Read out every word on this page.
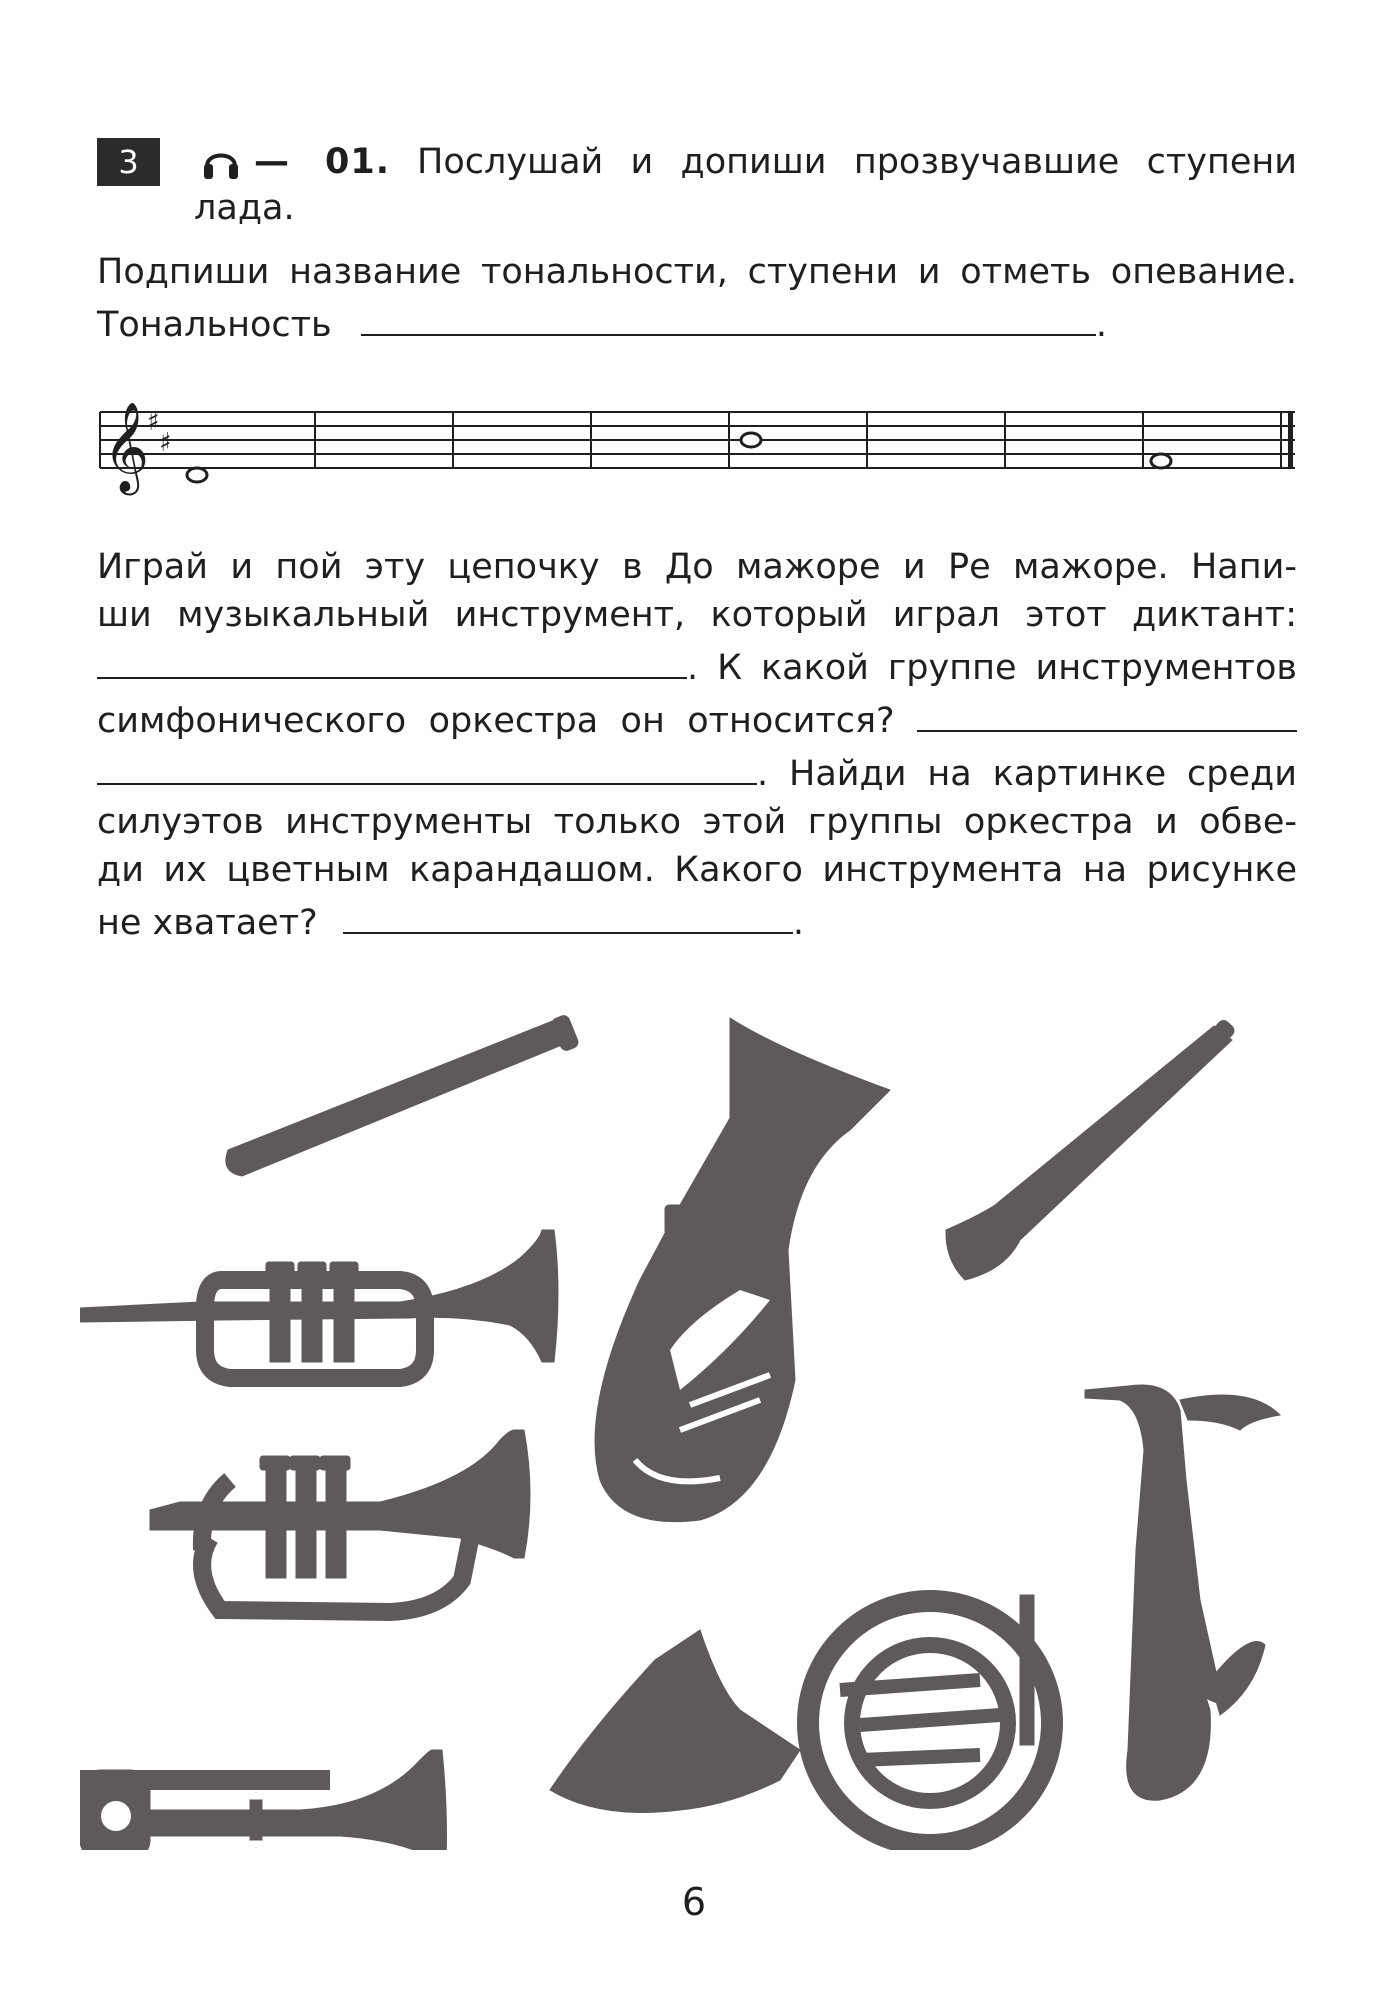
3	— 01. Послушай и допиши прозвучавшие ступени
лада.
Подпиши название тональности, ступени и отметь опевание.
Тональность	.
𝄞
♯
♯
Играй и пой эту цепочку в До мажоре и Ре мажоре. Напи-
ши музыкальный инструмент, который играл этот диктант:
. К какой группе инструментов
симфонического оркестра он относится?
. Найди на картинке среди
силуэтов инструменты только этой группы оркестра и обве-
ди их цветным карандашом. Какого инструмента на рисунке
не хватает?	.
6
